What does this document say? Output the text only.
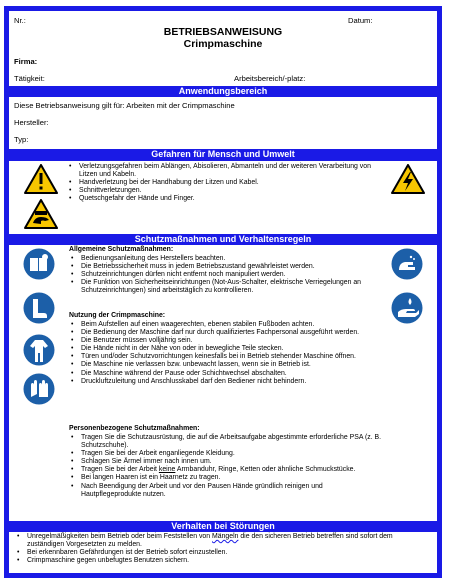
Nr.:	Datum:
BETRIEBSANWEISUNG
Crimpmaschine
Firma:
Tätigkeit:	Arbeitsbereich/-platz:
Anwendungsbereich
Diese Betriebsanweisung gilt für: Arbeiten mit der Crimpmaschine
Hersteller:
Typ:
Gefahren für Mensch und Umwelt
• Verletzungsgefahren beim Ablängen, Abisolieren, Abmanteln und der weiteren Verarbeitung von Litzen und Kabeln.
• Handverletzung bei der Handhabung der Litzen und Kabel.
• Schnittverletzungen.
• Quetschgefahr der Hände und Finger.
Schutzmaßnahmen und Verhaltensregeln
Allgemeine Schutzmaßnahmen:
• Bedienungsanleitung des Herstellers beachten.
• Die Betriebssicherheit muss in jedem Betriebszustand gewährleistet werden.
• Schutzeinrichtungen dürfen nicht entfernt noch manipuliert werden.
• Die Funktion von Sicherheitseinrichtungen (Not-Aus-Schalter, elektrische Verriegelungen an Schutzeinrichtungen) sind arbeitstäglich zu kontrollieren.
Nutzung der Crimpmaschine:
• Beim Aufstellen auf einen waagerechten, ebenen stabilen Fußboden achten.
• Die Bedienung der Maschine darf nur durch qualifiziertes Fachpersonal ausgeführt werden.
• Die Benutzer müssen volljährig sein.
• Die Hände nicht in der Nähe von oder in bewegliche Teile stecken.
• Türen und/oder Schutzvorrichtungen keinesfalls bei in Betrieb stehender Maschine öffnen.
• Die Maschine nie verlassen bzw. unbewacht lassen, wenn sie in Betrieb ist.
• Die Maschine während der Pause oder Schichtwechsel abschalten.
• Druckluftzuleitung und Anschlusskabel darf den Bediener nicht behindern.
Personenbezogene Schutzmaßnahmen:
• Tragen Sie die Schutzausrüstung, die auf die Arbeitsaufgabe abgestimmte erforderliche PSA (z. B. Schutzschuhe).
• Tragen Sie bei der Arbeit enganliegende Kleidung.
• Schlagen Sie Ärmel immer nach innen um.
• Tragen Sie bei der Arbeit keine Armbanduhr, Ringe, Ketten oder ähnliche Schmuckstücke.
• Bei langen Haaren ist ein Haarnetz zu tragen.
• Nach Beendigung der Arbeit und vor den Pausen Hände gründlich reinigen und Hautpflegeprodukte nutzen.
Verhalten bei Störungen
• Unregelmäßigkeiten beim Betrieb oder beim Feststellen von Mängeln die den sicheren Betrieb betreffen sind sofort dem zuständigen Vorgesetzten zu melden.
• Bei erkennbaren Gefährdungen ist der Betrieb sofort einzustellen.
• Crimpmaschine gegen unbefugtes Benutzen sichern.
